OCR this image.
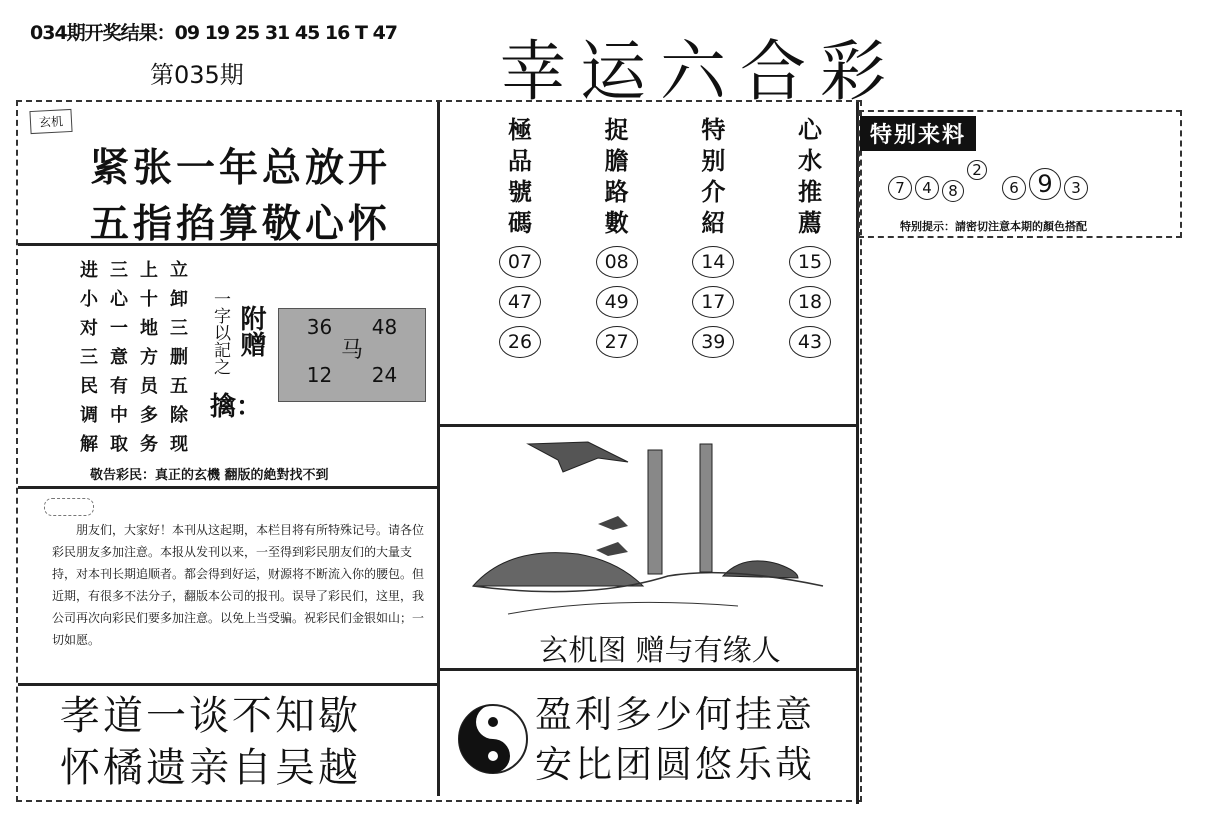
034期开奖结果：09 19 25 31 45 16 T 47
第035期	幸运六合彩
玄机
紧张一年总放开
五指掐算敬心怀
进 三 上 立
小 心 十 卸
对 一 地 三
三 意 方 删
民 有 员 五
调 中 多 除
解 取 务 现
一字以記之 附赠
擒：
36 48
马
12 24
敬告彩民：真正的玄機 翻版的絶對找不到
朋友们，大家好！本刊从这起期，本栏目将有所特殊记号。请各位彩民朋友多加注意。本报从发刊以来，一至得到彩民朋友们的大量支持，对本刊长期追顺者。都会得到好运，财源将不断流入你的腰包。但近期，有很多不法分子，翻版本公司的报刊。误导了彩民们，这里，我公司再次向彩民们要多加注意。以免上当受骗。祝彩民们金银如山；一切如愿。
孝道一谈不知歇
怀橘遗亲自吴越
極
品
號
碼
07
47
26
捉
膽
路
數
08
49
27
特
别
介
紹
14
17
39
心
水
推
薦
15
18
43
玄机图 赠与有缘人
盈利多少何挂意
安比团圆悠乐哉
特别来料
7 4 826 9 3
特别提示：請密切注意本期的顏色搭配
